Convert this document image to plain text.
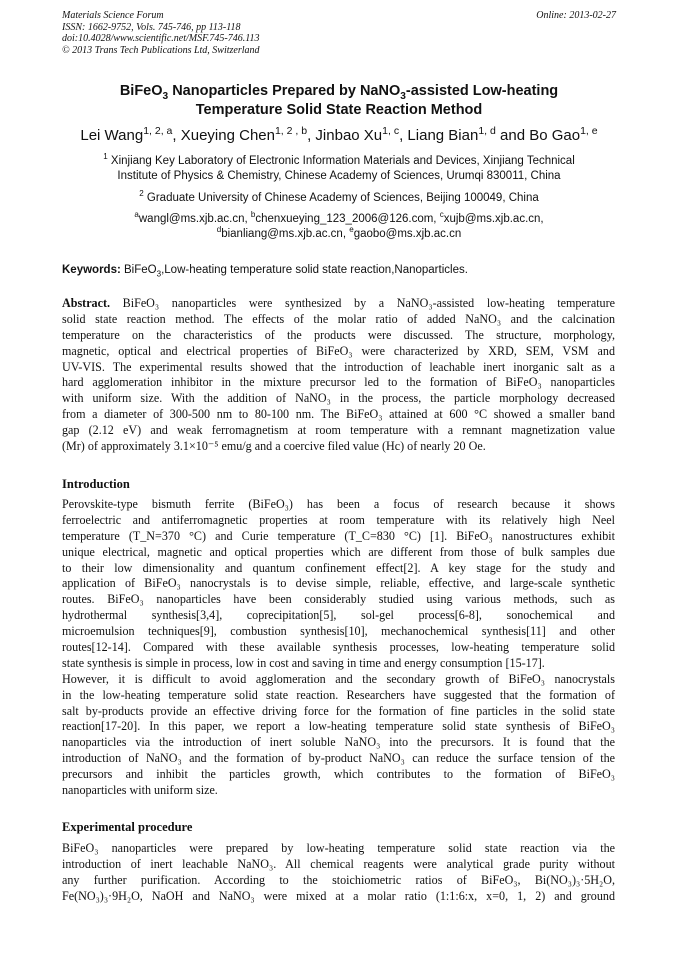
Materials Science Forum
ISSN: 1662-9752, Vols. 745-746, pp 113-118
doi:10.4028/www.scientific.net/MSF.745-746.113
© 2013 Trans Tech Publications Ltd, Switzerland
Online: 2013-02-27
BiFeO$_3$ Nanoparticles Prepared by NaNO$_3$-assisted Low-heating
Temperature Solid State Reaction Method
Lei Wang$^{1, 2, a}$, Xueying Chen$^{1, 2 , b}$, Jinbao Xu$^{1, c}$, Liang Bian$^{1, d}$ and Bo Gao$^{1, e}$
$^1$ Xinjiang Key Laboratory of Electronic Information Materials and Devices, Xinjiang Technical
Institute of Physics & Chemistry, Chinese Academy of Sciences, Urumqi 830011, China
$^2$ Graduate University of Chinese Academy of Sciences, Beijing 100049, China
$^a$wangl@ms.xjb.ac.cn, $^b$chenxueying_123_2006@126.com, $^c$xujb@ms.xjb.ac.cn,
$^d$bianliang@ms.xjb.ac.cn, $^e$gaobo@ms.xjb.ac.cn
Keywords: BiFeO$_3$,Low-heating temperature solid state reaction,Nanoparticles.
Abstract. BiFeO₃ nanoparticles were synthesized by a NaNO₃-assisted low-heating temperature
solid state reaction method. The effects of the molar ratio of added NaNO₃ and the calcination
temperature on the characteristics of the products were discussed. The structure, morphology,
magnetic, optical and electrical properties of BiFeO₃ were characterized by XRD, SEM, VSM and
UV-VIS. The experimental results showed that the introduction of leachable inert inorganic salt as a
hard agglomeration inhibitor in the mixture precursor led to the formation of BiFeO₃ nanoparticles
with uniform size. With the addition of NaNO₃ in the process, the particle morphology decreased
from a diameter of 300-500 nm to 80-100 nm. The BiFeO₃ attained at 600 °C showed a smaller band
gap (2.12 eV) and weak ferromagnetism at room temperature with a remnant magnetization value
(Mr) of approximately 3.1×10⁻⁵ emu/g and a coercive filed value (Hc) of nearly 20 Oe.
Introduction
Perovskite-type bismuth ferrite (BiFeO₃) has been a focus of research because it shows
ferroelectric and antiferromagnetic properties at room temperature with its relatively high Neel
temperature (T_N=370 °C) and Curie temperature (T_C=830 °C) [1]. BiFeO₃ nanostructures exhibit
unique electrical, magnetic and optical properties which are different from those of bulk samples due
to their low dimensionality and quantum confinement effect[2]. A key stage for the study and
application of BiFeO₃ nanocrystals is to devise simple, reliable, effective, and large-scale synthetic
routes. BiFeO₃ nanoparticles have been considerably studied using various methods, such as
hydrothermal synthesis[3,4], coprecipitation[5], sol-gel process[6-8], sonochemical and
microemulsion techniques[9], combustion synthesis[10], mechanochemical synthesis[11] and other
routes[12-14]. Compared with these available synthesis processes, low-heating temperature solid
state synthesis is simple in process, low in cost and saving in time and energy consumption [15-17].
However, it is difficult to avoid agglomeration and the secondary growth of BiFeO₃ nanocrystals
in the low-heating temperature solid state reaction. Researchers have suggested that the formation of
salt by-products provide an effective driving force for the formation of fine particles in the solid state
reaction[17-20]. In this paper, we report a low-heating temperature solid state synthesis of BiFeO₃
nanoparticles via the introduction of inert soluble NaNO₃ into the precursors. It is found that the
introduction of NaNO₃ and the formation of by-product NaNO₃ can reduce the surface tension of the
precursors and inhibit the particles growth, which contributes to the formation of BiFeO₃
nanoparticles with uniform size.
Experimental procedure
BiFeO₃ nanoparticles were prepared by low-heating temperature solid state reaction via the
introduction of inert leachable NaNO₃. All chemical reagents were analytical grade purity without
any further purification. According to the stoichiometric ratios of BiFeO₃, Bi(NO₃)₃·5H₂O,
Fe(NO₃)₃·9H₂O, NaOH and NaNO₃ were mixed at a molar ratio (1:1:6:x, x=0, 1, 2) and ground
